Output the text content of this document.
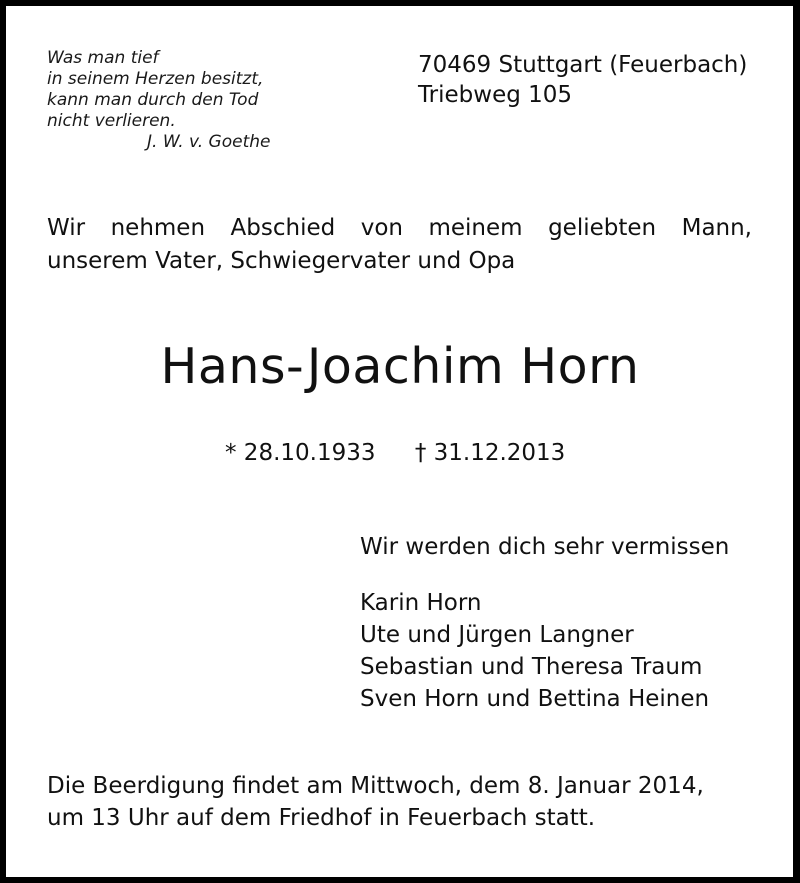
Was man tief
in seinem Herzen besitzt,
kann man durch den Tod
nicht verlieren.
J. W. v. Goethe
70469 Stuttgart (Feuerbach)
Triebweg 105
Wir nehmen Abschied von meinem geliebten Mann,
unserem Vater, Schwiegervater und Opa
Hans-Joachim Horn
* 28.10.1933 † 31.12.2013
Wir werden dich sehr vermissen
Karin Horn
Ute und Jürgen Langner
Sebastian und Theresa Traum
Sven Horn und Bettina Heinen
Die Beerdigung findet am Mittwoch, dem 8. Januar 2014,
um 13 Uhr auf dem Friedhof in Feuerbach statt.
